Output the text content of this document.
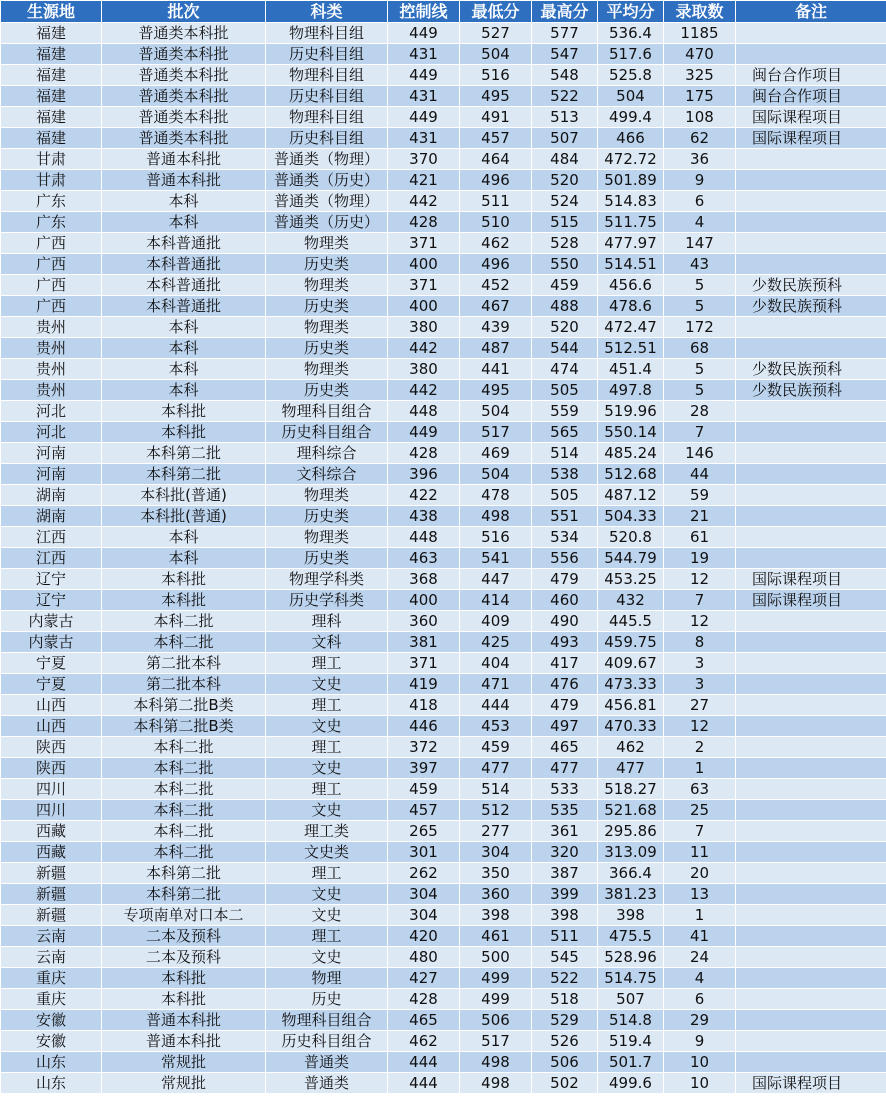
生源地	批次	科类	控制线	最低分	最高分	平均分	录取数	备注
福建	普通类本科批	物理科目组	449	527	577	536.4	1185	
福建	普通类本科批	历史科目组	431	504	547	517.6	470	
福建	普通类本科批	物理科目组	449	516	548	525.8	325	闽台合作项目
福建	普通类本科批	历史科目组	431	495	522	504	175	闽台合作项目
福建	普通类本科批	物理科目组	449	491	513	499.4	108	国际课程项目
福建	普通类本科批	历史科目组	431	457	507	466	62	国际课程项目
甘肃	普通本科批	普通类（物理）	370	464	484	472.72	36	
甘肃	普通本科批	普通类（历史）	421	496	520	501.89	9	
广东	本科	普通类（物理）	442	511	524	514.83	6	
广东	本科	普通类（历史）	428	510	515	511.75	4	
广西	本科普通批	物理类	371	462	528	477.97	147	
广西	本科普通批	历史类	400	496	550	514.51	43	
广西	本科普通批	物理类	371	452	459	456.6	5	少数民族预科
广西	本科普通批	历史类	400	467	488	478.6	5	少数民族预科
贵州	本科	物理类	380	439	520	472.47	172	
贵州	本科	历史类	442	487	544	512.51	68	
贵州	本科	物理类	380	441	474	451.4	5	少数民族预科
贵州	本科	历史类	442	495	505	497.8	5	少数民族预科
河北	本科批	物理科目组合	448	504	559	519.96	28	
河北	本科批	历史科目组合	449	517	565	550.14	7	
河南	本科第二批	理科综合	428	469	514	485.24	146	
河南	本科第二批	文科综合	396	504	538	512.68	44	
湖南	本科批(普通)	物理类	422	478	505	487.12	59	
湖南	本科批(普通)	历史类	438	498	551	504.33	21	
江西	本科	物理类	448	516	534	520.8	61	
江西	本科	历史类	463	541	556	544.79	19	
辽宁	本科批	物理学科类	368	447	479	453.25	12	国际课程项目
辽宁	本科批	历史学科类	400	414	460	432	7	国际课程项目
内蒙古	本科二批	理科	360	409	490	445.5	12	
内蒙古	本科二批	文科	381	425	493	459.75	8	
宁夏	第二批本科	理工	371	404	417	409.67	3	
宁夏	第二批本科	文史	419	471	476	473.33	3	
山西	本科第二批B类	理工	418	444	479	456.81	27	
山西	本科第二批B类	文史	446	453	497	470.33	12	
陕西	本科二批	理工	372	459	465	462	2	
陕西	本科二批	文史	397	477	477	477	1	
四川	本科二批	理工	459	514	533	518.27	63	
四川	本科二批	文史	457	512	535	521.68	25	
西藏	本科二批	理工类	265	277	361	295.86	7	
西藏	本科二批	文史类	301	304	320	313.09	11	
新疆	本科第二批	理工	262	350	387	366.4	20	
新疆	本科第二批	文史	304	360	399	381.23	13	
新疆	专项南单对口本二	文史	304	398	398	398	1	
云南	二本及预科	理工	420	461	511	475.5	41	
云南	二本及预科	文史	480	500	545	528.96	24	
重庆	本科批	物理	427	499	522	514.75	4	
重庆	本科批	历史	428	499	518	507	6	
安徽	普通本科批	物理科目组合	465	506	529	514.8	29	
安徽	普通本科批	历史科目组合	462	517	526	519.4	9	
山东	常规批	普通类	444	498	506	501.7	10	
山东	常规批	普通类	444	498	502	499.6	10	国际课程项目
